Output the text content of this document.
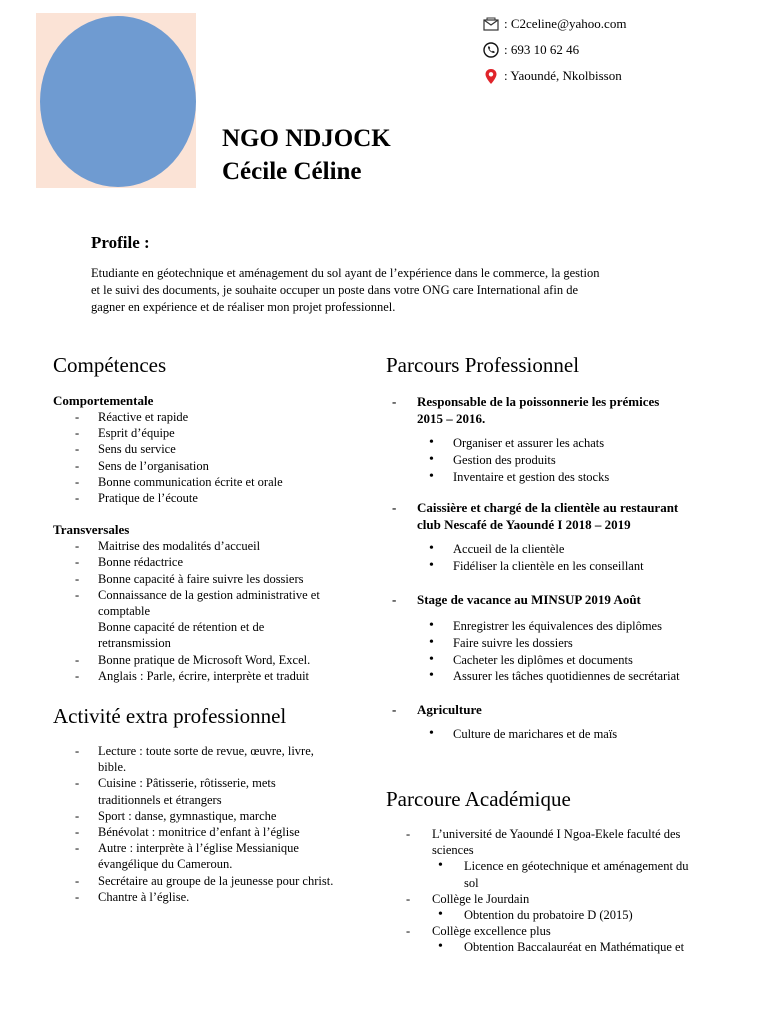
: C2celine@yahoo.com
: 693 10 62 46
: Yaoundé, Nkolbisson
NGO NDJOCK
Cécile Céline
Profile :
Etudiante en géotechnique et aménagement du sol ayant de l’expérience dans le commerce, la gestion
et le suivi des documents, je souhaite occuper un poste dans votre ONG care International afin de
gagner en expérience et de réaliser mon projet professionnel.
Compétences
Comportementale
- Réactive et rapide
- Esprit d’équipe
- Sens du service
- Sens de l’organisation
- Bonne communication écrite et orale
- Pratique de l’écoute
Transversales
- Maitrise des modalités d’accueil
- Bonne rédactrice
- Bonne capacité à faire suivre les dossiers
- Connaissance de la gestion administrative et
comptable
Bonne capacité de rétention et de
retransmission
- Bonne pratique de Microsoft Word, Excel.
- Anglais : Parle, écrire, interprète et traduit
Activité extra professionnel
- Lecture : toute sorte de revue, œuvre, livre,
bible.
- Cuisine : Pâtisserie, rôtisserie, mets
traditionnels et étrangers
- Sport : danse, gymnastique, marche
- Bénévolat : monitrice d’enfant à l’église
- Autre : interprète à l’église Messianique
évangélique du Cameroun.
- Secrétaire au groupe de la jeunesse pour christ.
- Chantre à l’église.
Parcours Professionnel
- Responsable de la poissonnerie les prémices
2015 – 2016.
• Organiser et assurer les achats
• Gestion des produits
• Inventaire et gestion des stocks
- Caissière et chargé de la clientèle au restaurant
club Nescafé de Yaoundé I 2018 – 2019
• Accueil de la clientèle
• Fidéliser la clientèle en les conseillant
- Stage de vacance au MINSUP 2019 Août
• Enregistrer les équivalences des diplômes
• Faire suivre les dossiers
• Cacheter les diplômes et documents
• Assurer les tâches quotidiennes de secrétariat
- Agriculture
• Culture de marichares et de maïs
Parcoure Académique
- L’université de Yaoundé I Ngoa-Ekele faculté des
sciences
• Licence en géotechnique et aménagement du
sol
- Collège le Jourdain
• Obtention du probatoire D (2015)
- Collège excellence plus
• Obtention Baccalauréat en Mathématique et
